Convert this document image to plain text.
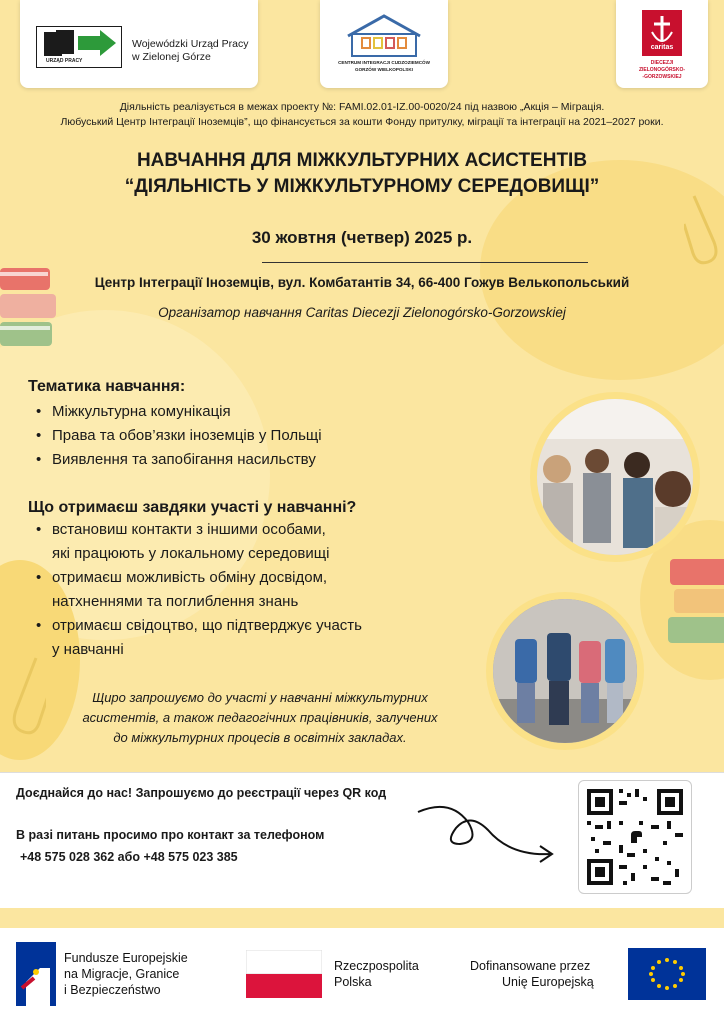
URZĄD PRACY
Wojewódzki Urząd Pracy
w Zielonej Górze	CENTRUM INTEGRACJI CUDZOZIEMCÓW
GORZÓW WIELKOPOLSKI
caritas
DIECEZJI
ZIELONOGÓRSKO-
-GORZOWSKIEJ
Діяльність реалізується в межах проекту №: FAMI.02.01-IZ.00-0020/24 під назвою „Акція – Міграція.
Любуський Центр Інтеграції Іноземців”, що фінансується за кошти Фонду притулку, міграції та інтеграції на 2021–2027 роки.
НАВЧАННЯ ДЛЯ МІЖКУЛЬТУРНИХ АСИСТЕНТІВ
“ДІЯЛЬНІСТЬ У МІЖКУЛЬТУРНОМУ СЕРЕДОВИЩІ”
30 жовтня (четвер) 2025 р.
Центр Інтеграції Іноземців, вул. Комбатантів 34, 66-400 Гожув Велькопольський
Організатор навчання Caritas Diecezji Zielonogórsko-Gorzowskiej
Тематика навчання:
• Міжкультурна комунікація
• Права та обов’язки іноземців у Польщі
• Виявлення та запобігання насильству
Що отримаєш завдяки участі у навчанні?
• встановиш контакти з іншими особами,
які працюють у локальному середовищі
• отримаєш можливість обміну досвідом,
натхненнями та поглиблення знань
• отримаєш свідоцтво, що підтверджує участь
у навчанні
Щиро запрошуємо до участі у навчанні міжкультурних
асистентів, а також педагогічних працівників, залучених
до міжкультурних процесів в освітніх закладах.
Доєднайся до нас! Запрошуємо до реєстрації через QR код
В разі питань просимо про контакт за телефоном
+48 575 028 362 або +48 575 023 385
Fundusze Europejskie
na Migracje, Granice
i Bezpieczeństwo
Rzeczpospolita
Polska
Dofinansowane przez
Unię Europejską
